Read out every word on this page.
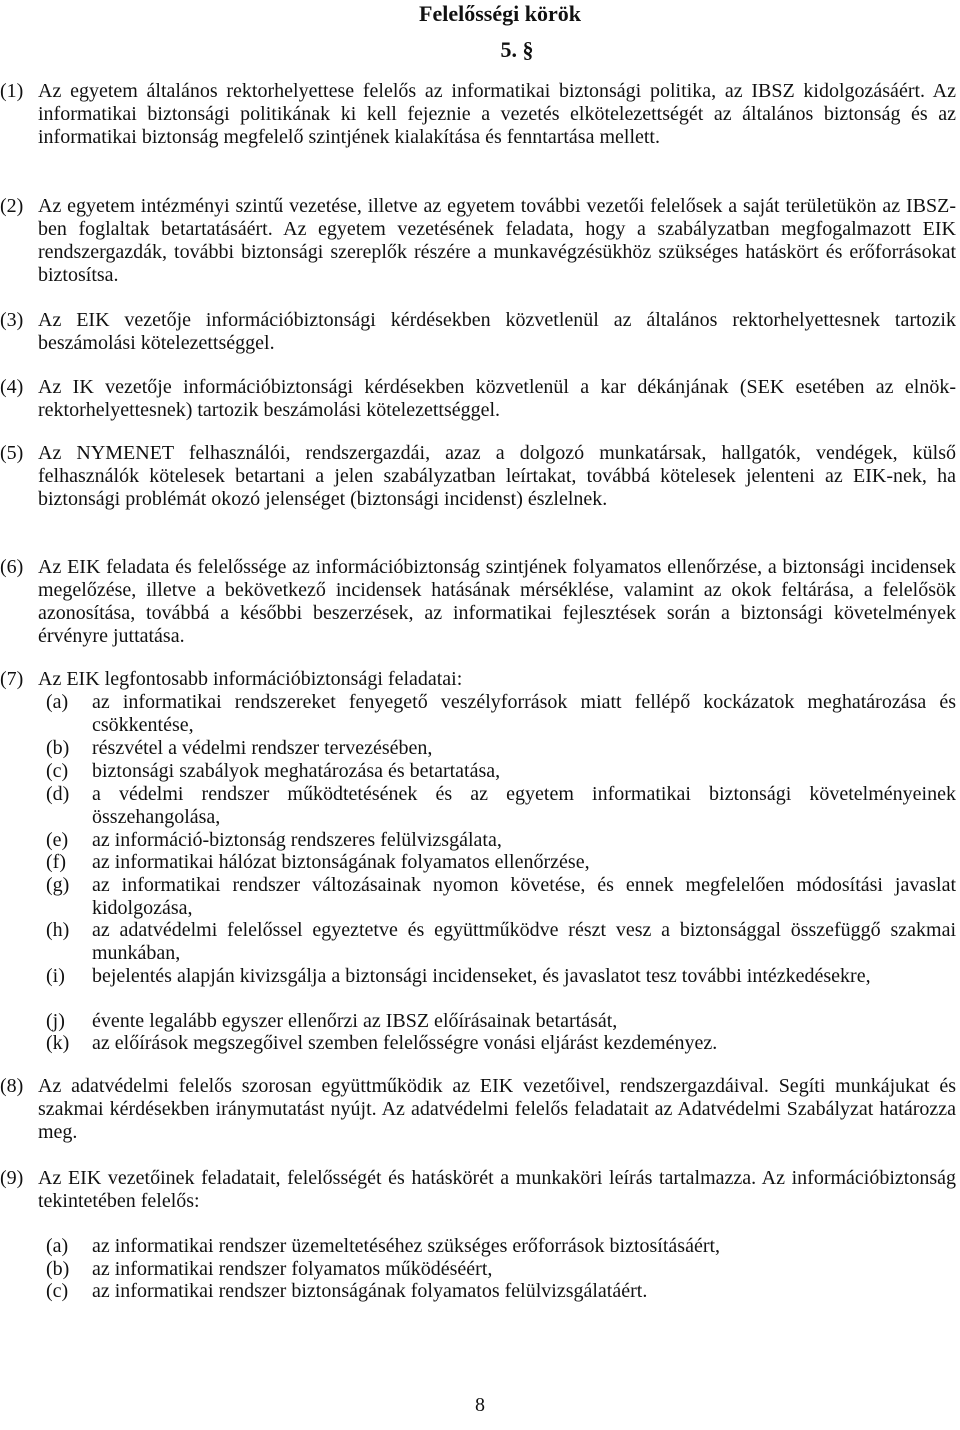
Felelősségi körök
5. §
(1) Az egyetem általános rektorhelyettese felelős az informatikai biztonsági politika, az IBSZ kidolgozásáért. Az informatikai biztonsági politikának ki kell fejeznie a vezetés elkötelezettségét az általános biztonság és az informatikai biztonság megfelelő szintjének kialakítása és fenntartása mellett.
(2) Az egyetem intézményi szintű vezetése, illetve az egyetem további vezetői felelősek a saját területükön az IBSZ-ben foglaltak betartatásáért. Az egyetem vezetésének feladata, hogy a szabályzatban megfogalmazott EIK rendszergazdák, további biztonsági szereplők részére a munkavégzésükhöz szükséges hatáskört és erőforrásokat biztosítsa.
(3) Az EIK vezetője információbiztonsági kérdésekben közvetlenül az általános rektorhelyettesnek tartozik beszámolási kötelezettséggel.
(4) Az IK vezetője információbiztonsági kérdésekben közvetlenül a kar dékánjának (SEK esetében az elnök-rektorhelyettesnek) tartozik beszámolási kötelezettséggel.
(5) Az NYMENET felhasználói, rendszergazdái, azaz a dolgozó munkatársak, hallgatók, vendégek, külső felhasználók kötelesek betartani a jelen szabályzatban leírtakat, továbbá kötelesek jelenteni az EIK-nek, ha biztonsági problémát okozó jelenséget (biztonsági incidenst) észlelnek.
(6) Az EIK feladata és felelőssége az információbiztonság szintjének folyamatos ellenőrzése, a biztonsági incidensek megelőzése, illetve a bekövetkező incidensek hatásának mérséklése, valamint az okok feltárása, a felelősök azonosítása, továbbá a későbbi beszerzések, az informatikai fejlesztések során a biztonsági követelmények érvényre juttatása.
(7) Az EIK legfontosabb információbiztonsági feladatai:
(a)	az informatikai rendszereket fenyegető veszélyforrások miatt fellépő kockázatok meghatározása és csökkentése,
(b)	részvétel a védelmi rendszer tervezésében,
(c)	biztonsági szabályok meghatározása és betartatása,
(d)	a védelmi rendszer működtetésének és az egyetem informatikai biztonsági követelményeinek összehangolása,
(e)	az információ-biztonság rendszeres felülvizsgálata,
(f)	az informatikai hálózat biztonságának folyamatos ellenőrzése,
(g)	az informatikai rendszer változásainak nyomon követése, és ennek megfelelően módosítási javaslat kidolgozása,
(h)	az adatvédelmi felelőssel egyeztetve és együttműködve részt vesz a biztonsággal összefüggő szakmai munkában,
(i)	bejelentés alapján kivizsgálja a biztonsági incidenseket, és javaslatot tesz további intézkedésekre,
(j)	évente legalább egyszer ellenőrzi az IBSZ előírásainak betartását,
(k)	az előírások megszegőivel szemben felelősségre vonási eljárást kezdeményez.
(8) Az adatvédelmi felelős szorosan együttműködik az EIK vezetőivel, rendszergazdáival. Segíti munkájukat és szakmai kérdésekben iránymutatást nyújt. Az adatvédelmi felelős feladatait az Adatvédelmi Szabályzat határozza meg.
(9) Az EIK vezetőinek feladatait, felelősségét és hatáskörét a munkaköri leírás tartalmazza. Az információbiztonság tekintetében felelős:
(a)	az informatikai rendszer üzemeltetéséhez szükséges erőforrások biztosításáért,
(b)	az informatikai rendszer folyamatos működéséért,
(c)	az informatikai rendszer biztonságának folyamatos felülvizsgálatáért.
8
